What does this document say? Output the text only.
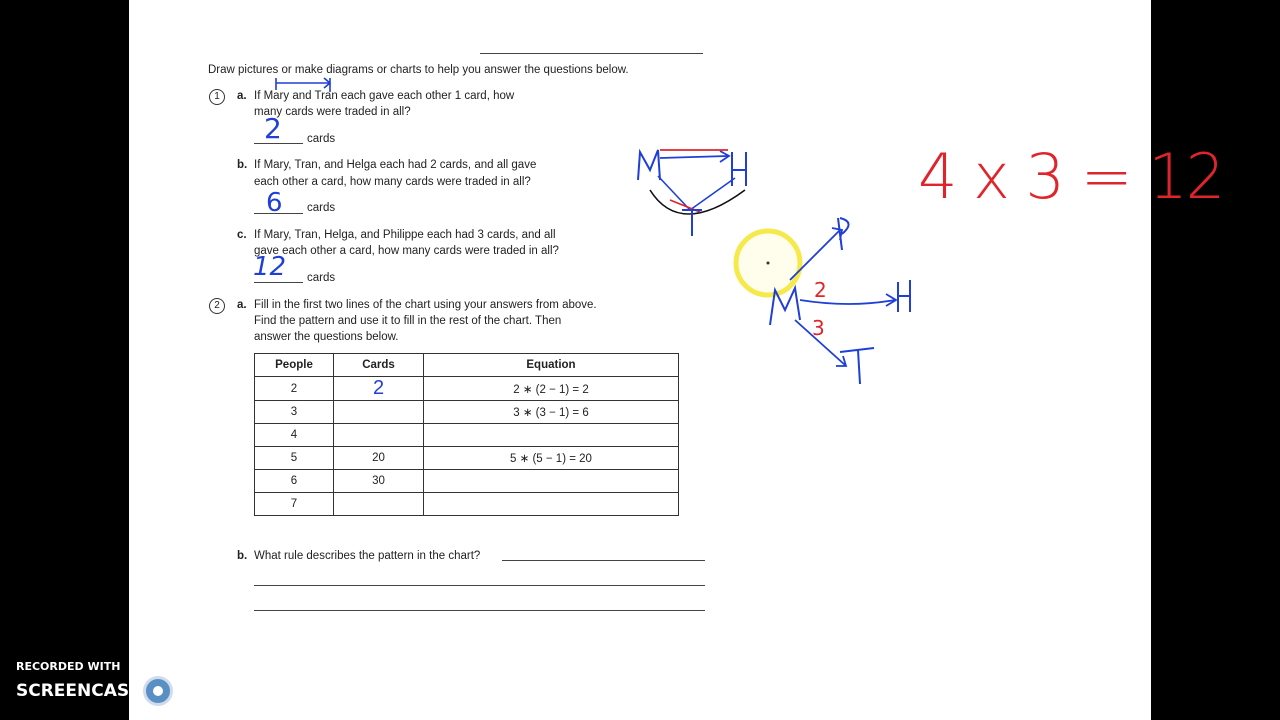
Draw pictures or make diagrams or charts to help you answer the questions below.
1	a. If Mary and Tran each gave each other 1 card, how
many cards were traded in all?
2 cards
b. If Mary, Tran, and Helga each had 2 cards, and all gave
each other a card, how many cards were traded in all?
6 cards
c. If Mary, Tran, Helga, and Philippe each had 3 cards, and all
gave each other a card, how many cards were traded in all?
12 cards
2	a. Fill in the first two lines of the chart using your answers from above.
Find the pattern and use it to fill in the rest of the chart. Then
answer the questions below.
People	Cards	Equation
2	2	2 ∗ (2 − 1) = 2
3		3 ∗ (3 − 1) = 6
4		
5	20	5 ∗ (5 − 1) = 20
6	30	
7		
b. What rule describes the pattern in the chart?
4 x 3 = 12
2
3
RECORDED WITH
SCREENCAST MATIC
